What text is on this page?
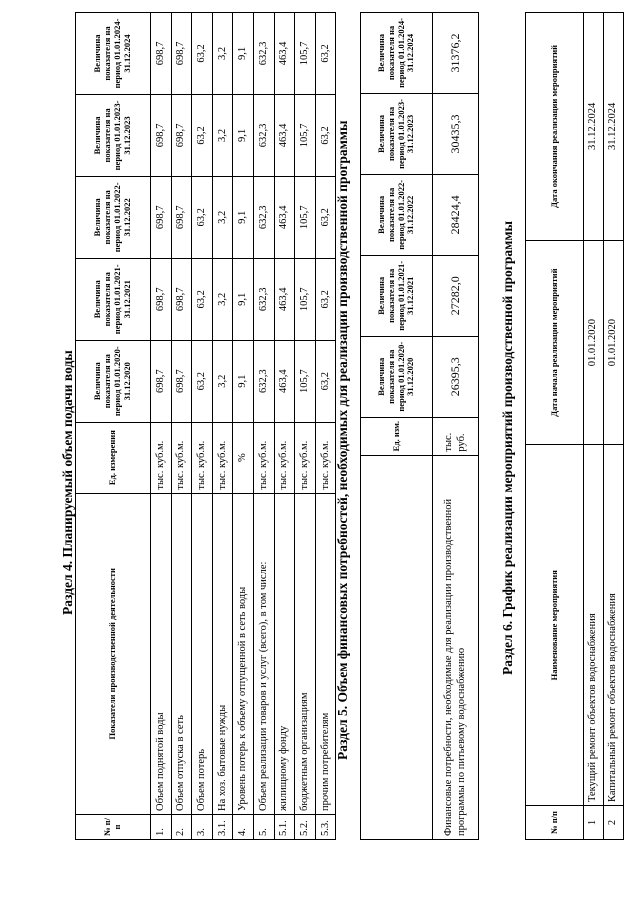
Раздел 4. Планируемый объем подачи воды
№ п/п	Показатели производственной деятельности	Ед. измерения	Величина показателя на период 01.01.2020-31.12.2020	Величина показателя на период 01.01.2021-31.12.2021	Величина показателя на период 01.01.2022-31.12.2022	Величина показателя на период 01.01.2023-31.12.2023	Величина показателя на период 01.01.2024-31.12.2024
1.	Объем поднятой воды	тыс. куб.м.	698,7	698,7	698,7	698,7	698,7
2.	Объем отпуска в сеть	тыс. куб.м.	698,7	698,7	698,7	698,7	698,7
3.	Объем потерь	тыс. куб.м.	63,2	63,2	63,2	63,2	63,2
3.1.	На хоз. бытовые нужды	тыс. куб.м.	3,2	3,2	3,2	3,2	3,2
4.	Уровень потерь к объему отпущенной в сеть воды	%	9,1	9,1	9,1	9,1	9,1
5.	Объем реализации товаров и услуг (всего), в том числе:	тыс. куб.м.	632,3	632,3	632,3	632,3	632,3
5.1.	жилищному фонду	тыс. куб.м.	463,4	463,4	463,4	463,4	463,4
5.2.	бюджетным организациям	тыс. куб.м.	105,7	105,7	105,7	105,7	105,7
5.3.	прочим потребителям	тыс. куб.м.	63,2	63,2	63,2	63,2	63,2
Раздел 5. Объем финансовых потребностей, необходимых для реализации производственной программы
		Ед. изм.	Величина показателя на период 01.01.2020-31.12.2020	Величина показателя на период 01.01.2021-31.12.2021	Величина показателя на период 01.01.2022-31.12.2022	Величина показателя на период 01.01.2023-31.12.2023	Величина показателя на период 01.01.2024-31.12.2024
Финансовые потребности, необходимые для реализации производственной программы по питьевому водоснабжению	тыс. руб.	26395,3	27282,0	28424,4	30435,3	31376,2
Раздел 6. График реализации мероприятий производственной программы
№ п/п	Наименование мероприятия	Дата начала реализации мероприятий	Дата окончания реализации мероприятий
1	Текущий ремонт объектов водоснабжения	01.01.2020	31.12.2024
2	Капитальный ремонт объектов водоснабжения	01.01.2020	31.12.2024
